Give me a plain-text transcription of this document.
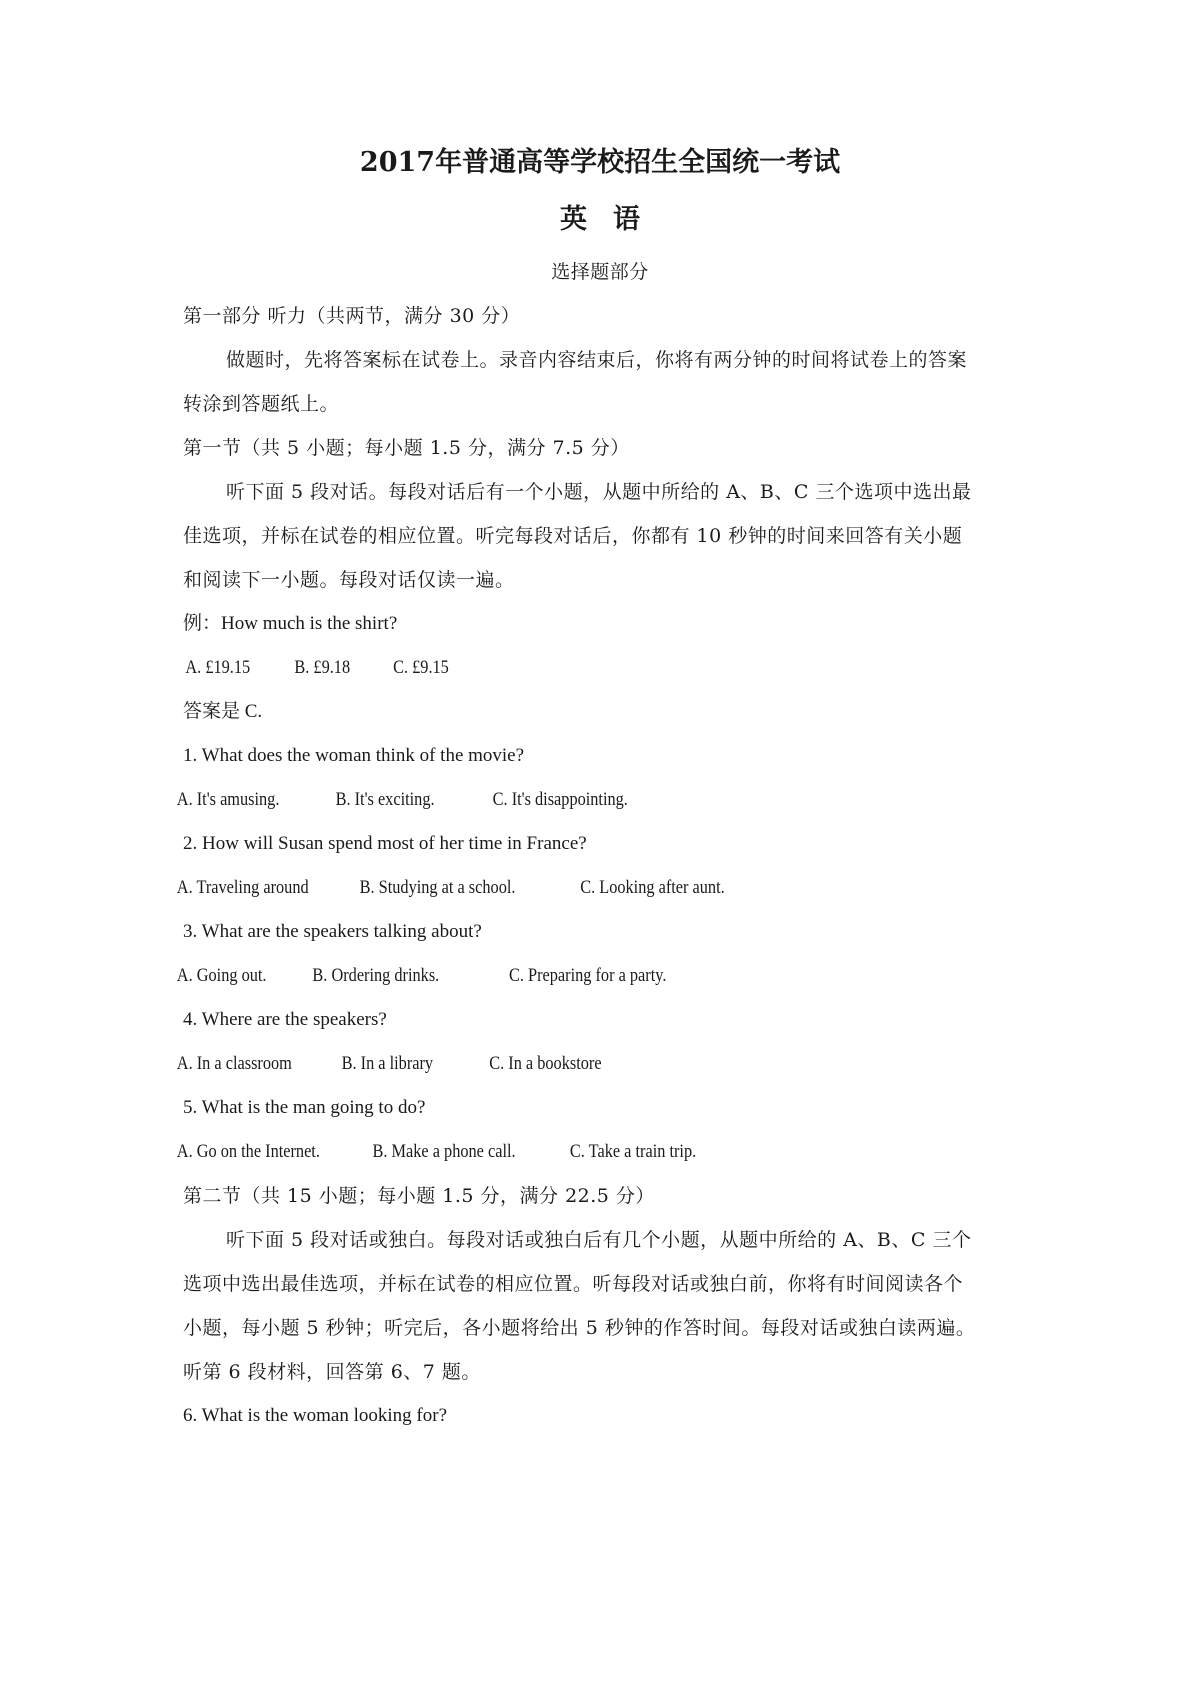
2017年普通高等学校招生全国统一考试
英语
选择题部分
第一部分 听力（共两节，满分 30 分）
做题时，先将答案标在试卷上。录音内容结束后，你将有两分钟的时间将试卷上的答案
转涂到答题纸上。
第一节（共 5 小题；每小题 1.5 分，满分 7.5 分）
听下面 5 段对话。每段对话后有一个小题，从题中所给的 A、B、C 三个选项中选出最
佳选项，并标在试卷的相应位置。听完每段对话后，你都有 10 秒钟的时间来回答有关小题
和阅读下一小题。每段对话仅读一遍。
例：How much is the shirt?
A. £19.15 B. £9.18 C. £9.15
答案是 C.
1. What does the woman think of the movie?
A. It's amusing.	B. It's exciting.	C. It's disappointing.
2. How will Susan spend most of her time in France?
A. Traveling around	B. Studying at a school.	C. Looking after aunt.
3. What are the speakers talking about?
A. Going out. B. Ordering drinks.	C. Preparing for a party.
4. Where are the speakers?
A. In a classroom	B. In a library	C. In a bookstore
5. What is the man going to do?
A. Go on the Internet.	B. Make a phone call.	C. Take a train trip.
第二节（共 15 小题；每小题 1.5 分，满分 22.5 分）
听下面 5 段对话或独白。每段对话或独白后有几个小题，从题中所给的 A、B、C 三个
选项中选出最佳选项，并标在试卷的相应位置。听每段对话或独白前，你将有时间阅读各个
小题，每小题 5 秒钟；听完后，各小题将给出 5 秒钟的作答时间。每段对话或独白读两遍。
听第 6 段材料，回答第 6、7 题。
6. What is the woman looking for?
